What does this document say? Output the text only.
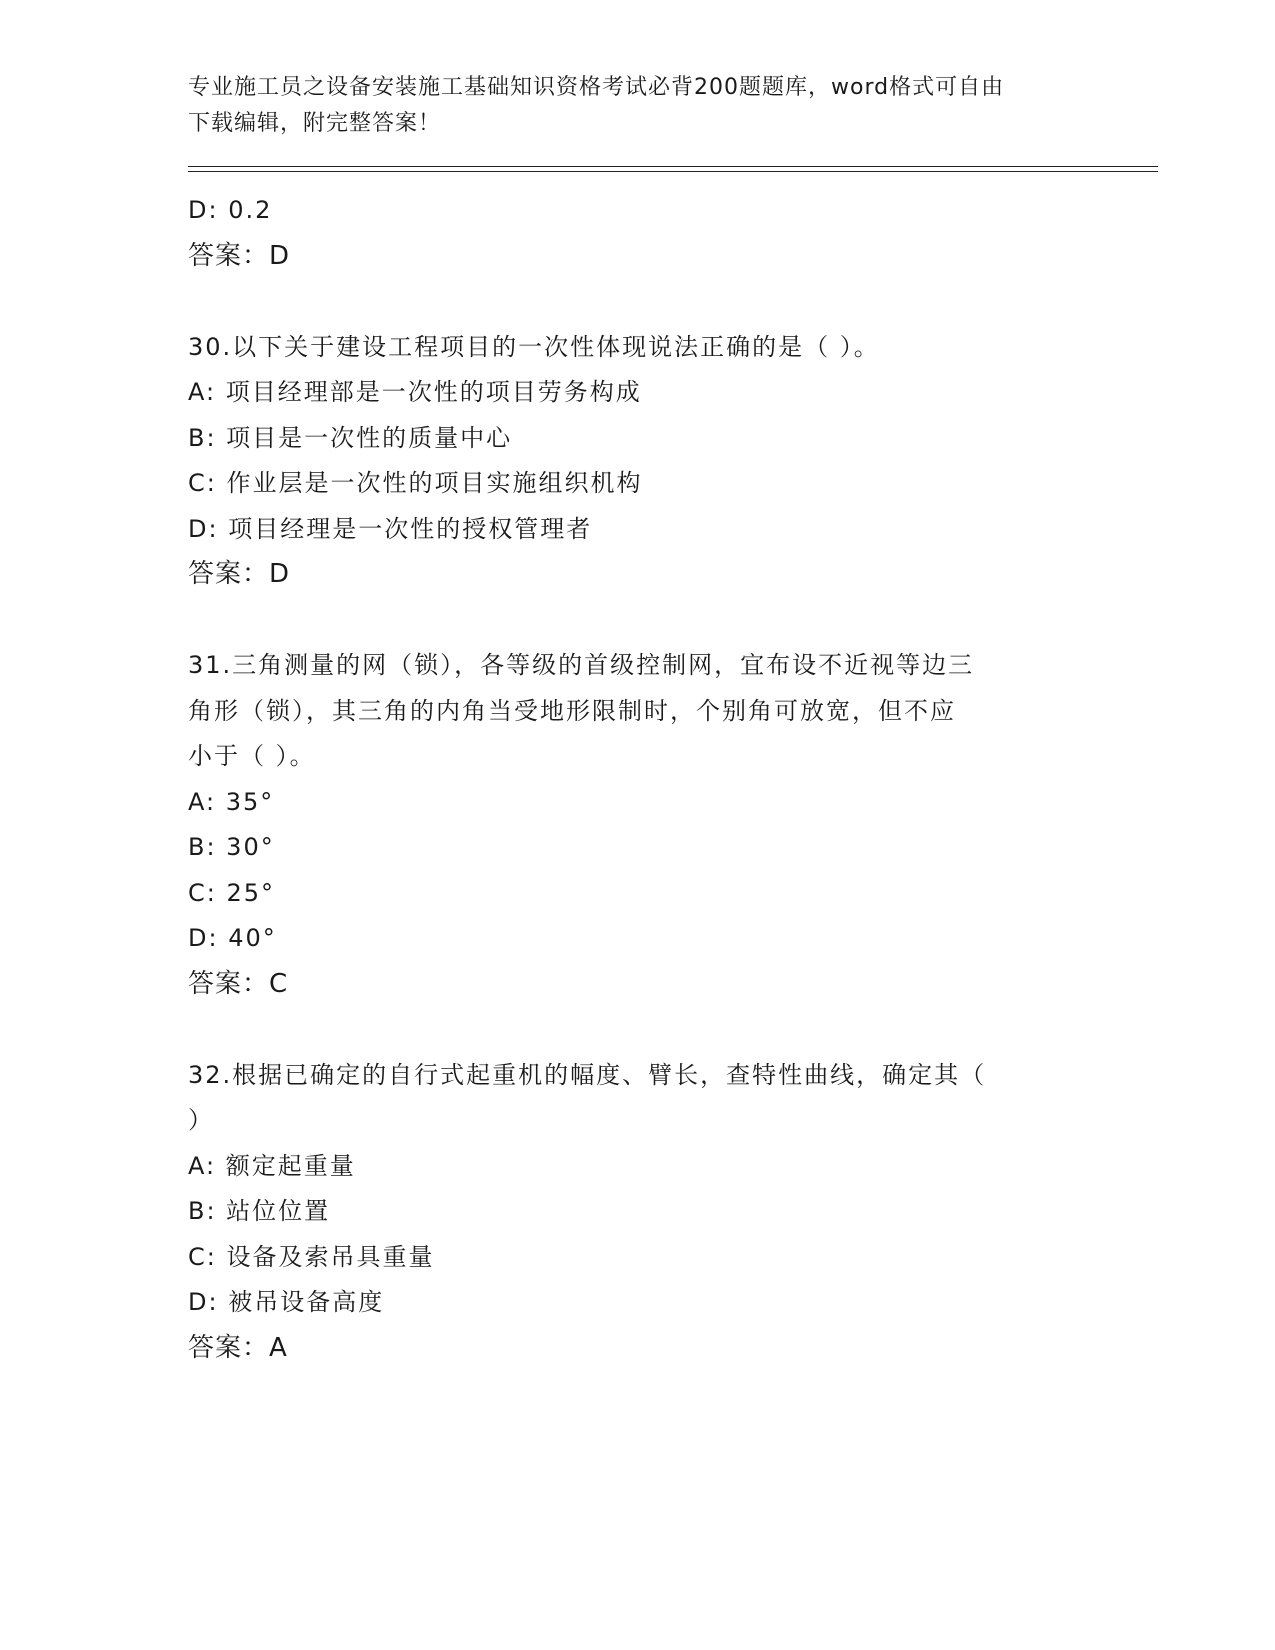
专业施工员之设备安装施工基础知识资格考试必背200题题库，word格式可自由
下载编辑，附完整答案！
D: 0.2
答案：D
30.以下关于建设工程项目的一次性体现说法正确的是（ ）。
A: 项目经理部是一次性的项目劳务构成
B: 项目是一次性的质量中心
C: 作业层是一次性的项目实施组织机构
D: 项目经理是一次性的授权管理者
答案：D
31.三角测量的网（锁），各等级的首级控制网，宜布设不近视等边三
角形（锁），其三角的内角当受地形限制时，个别角可放宽，但不应
小于（ ）。
A: 35°
B: 30°
C: 25°
D: 40°
答案：C
32.根据已确定的自行式起重机的幅度、臂长，查特性曲线，确定其（
）
A: 额定起重量
B: 站位位置
C: 设备及索吊具重量
D: 被吊设备高度
答案：A
